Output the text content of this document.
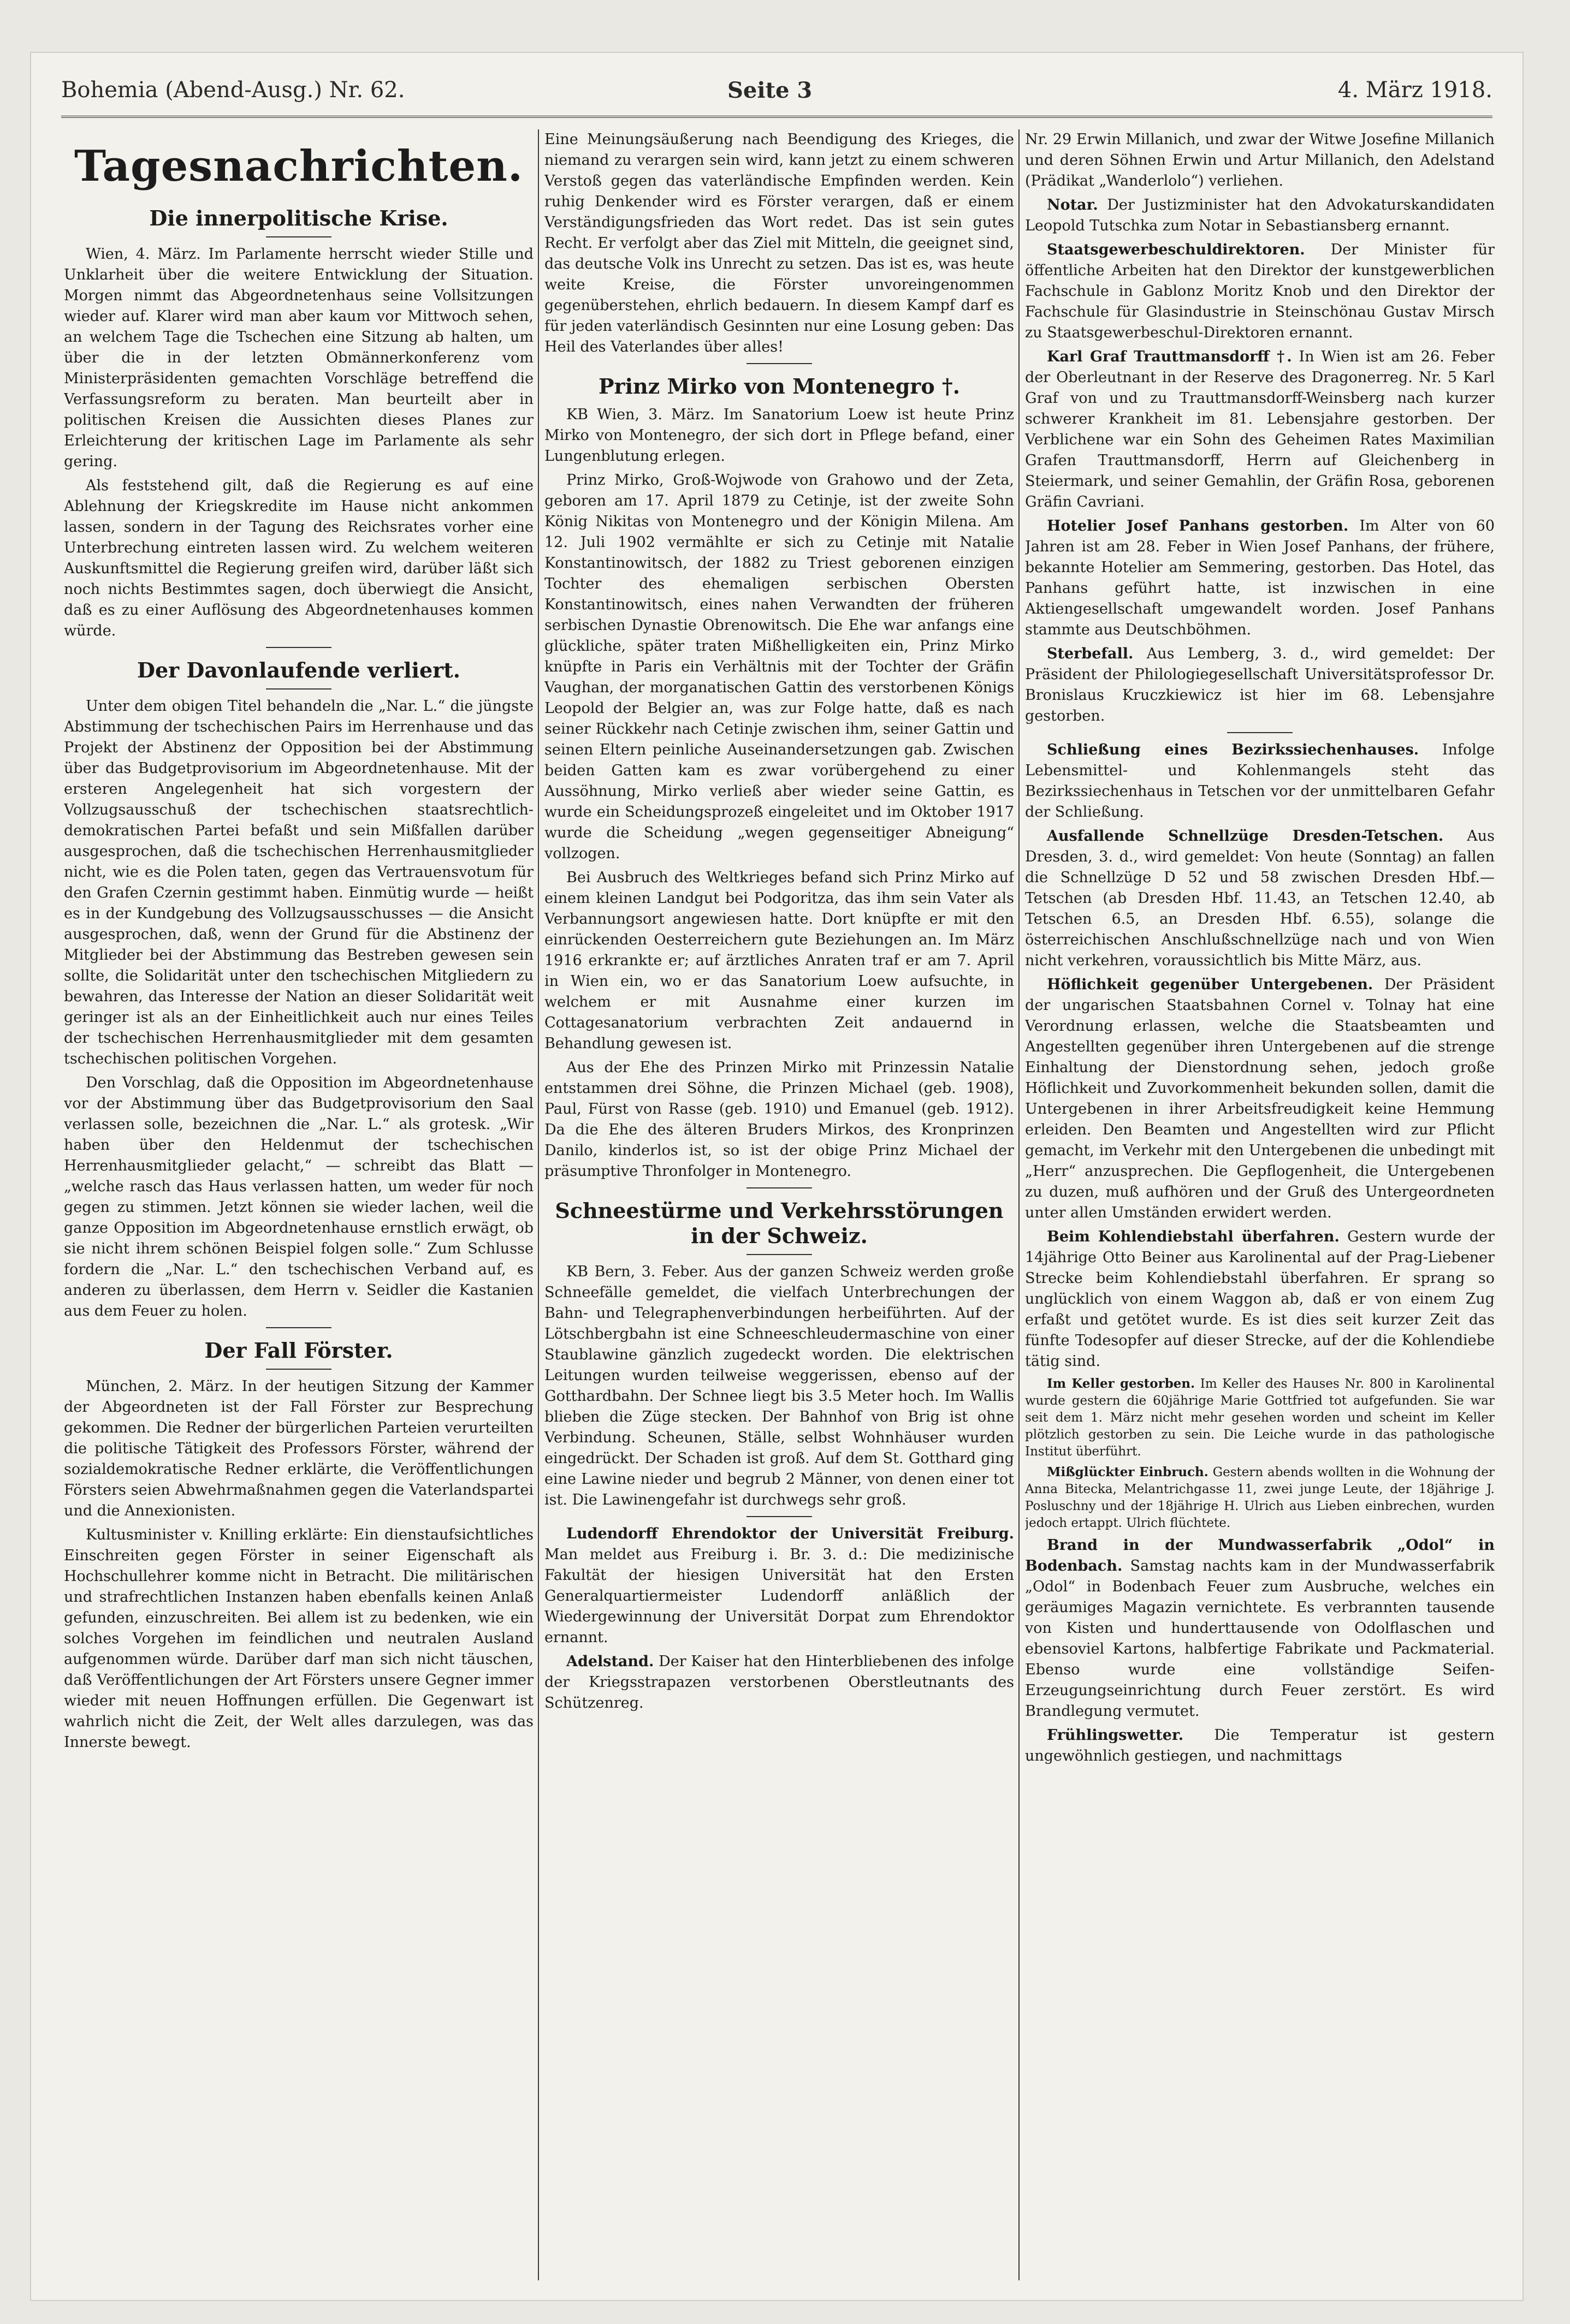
Bohemia (Abend-Ausg.) Nr. 62.	Seite 3	4. März 1918.
Tagesnachrichten.
Die innerpolitische Krise.

Wien, 4. März. Im Parlamente herrscht wieder Stille und Unklarheit über die weitere Entwicklung der Situation. Morgen nimmt das Abgeordnetenhaus seine Vollsitzungen wieder auf. Klarer wird man aber kaum vor Mittwoch sehen, an welchem Tage die Tschechen eine Sitzung ab halten, um über die in der letzten Obmännerkonferenz vom Ministerpräsidenten gemachten Vorschläge betreffend die Verfassungsreform zu beraten. Man beurteilt aber in politischen Kreisen die Aussichten dieses Planes zur Erleichterung der kritischen Lage im Parlamente als sehr gering.

Als feststehend gilt, daß die Regierung es auf eine Ablehnung der Kriegskredite im Hause nicht ankommen lassen, sondern in der Tagung des Reichsrates vorher eine Unterbrechung eintreten lassen wird. Zu welchem weiteren Auskunftsmittel die Regierung greifen wird, darüber läßt sich noch nichts Bestimmtes sagen, doch überwiegt die Ansicht, daß es zu einer Auflösung des Abgeordnetenhauses kommen würde.

Der Davonlaufende verliert.

Unter dem obigen Titel behandeln die „Nar. L.“ die jüngste Abstimmung der tschechischen Pairs im Herrenhause und das Projekt der Abstinenz der Opposition bei der Abstimmung über das Budgetprovisorium im Abgeordnetenhause. Mit der ersteren Angelegenheit hat sich vorgestern der Vollzugsausschuß der tschechischen staatsrechtlich-demokratischen Partei befaßt und sein Mißfallen darüber ausgesprochen, daß die tschechischen Herrenhausmitglieder nicht, wie es die Polen taten, gegen das Vertrauensvotum für den Grafen Czernin gestimmt haben. Einmütig wurde — heißt es in der Kundgebung des Vollzugsausschusses — die Ansicht ausgesprochen, daß, wenn der Grund für die Abstinenz der Mitglieder bei der Abstimmung das Bestreben gewesen sein sollte, die Solidarität unter den tschechischen Mitgliedern zu bewahren, das Interesse der Nation an dieser Solidarität weit geringer ist als an der Einheitlichkeit auch nur eines Teiles der tschechischen Herrenhausmitglieder mit dem gesamten tschechischen politischen Vorgehen.

Den Vorschlag, daß die Opposition im Abgeordnetenhause vor der Abstimmung über das Budgetprovisorium den Saal verlassen solle, bezeichnen die „Nar. L.“ als grotesk. „Wir haben über den Heldenmut der tschechischen Herrenhausmitglieder gelacht,“ — schreibt das Blatt — „welche rasch das Haus verlassen hatten, um weder für noch gegen zu stimmen. Jetzt können sie wieder lachen, weil die ganze Opposition im Abgeordnetenhause ernstlich erwägt, ob sie nicht ihrem schönen Beispiel folgen solle.“ Zum Schlusse fordern die „Nar. L.“ den tschechischen Verband auf, es anderen zu überlassen, dem Herrn v. Seidler die Kastanien aus dem Feuer zu holen.

Der Fall Förster.

München, 2. März. In der heutigen Sitzung der Kammer der Abgeordneten ist der Fall Förster zur Besprechung gekommen. Die Redner der bürgerlichen Parteien verurteilten die politische Tätigkeit des Professors Förster, während der sozialdemokratische Redner erklärte, die Veröffentlichungen Försters seien Abwehrmaßnahmen gegen die Vaterlandspartei und die Annexionisten.

Kultusminister v. Knilling erklärte: Ein dienstaufsichtliches Einschreiten gegen Förster in seiner Eigenschaft als Hochschullehrer komme nicht in Betracht. Die militärischen und strafrechtlichen Instanzen haben ebenfalls keinen Anlaß gefunden, einzuschreiten. Bei allem ist zu bedenken, wie ein solches Vorgehen im feindlichen und neutralen Ausland aufgenommen würde. Darüber darf man sich nicht täuschen, daß Veröffentlichungen der Art Försters unsere Gegner immer wieder mit neuen Hoffnungen erfüllen. Die Gegenwart ist wahrlich nicht die Zeit, der Welt alles darzulegen, was das Innerste bewegt.

Eine Meinungsäußerung nach Beendigung des Krieges, die niemand zu verargen sein wird, kann jetzt zu einem schweren Verstoß gegen das vaterländische Empfinden werden. Kein ruhig Denkender wird es Förster verargen, daß er einem Verständigungsfrieden das Wort redet. Das ist sein gutes Recht. Er verfolgt aber das Ziel mit Mitteln, die geeignet sind, das deutsche Volk ins Unrecht zu setzen. Das ist es, was heute weite Kreise, die Förster unvoreingenommen gegenüberstehen, ehrlich bedauern. In diesem Kampf darf es für jeden vaterländisch Gesinnten nur eine Losung geben: Das Heil des Vaterlandes über alles!

Prinz Mirko von Montenegro †.

KB Wien, 3. März. Im Sanatorium Loew ist heute Prinz Mirko von Montenegro, der sich dort in Pflege befand, einer Lungenblutung erlegen.

Prinz Mirko, Groß-Wojwode von Grahowo und der Zeta, geboren am 17. April 1879 zu Cetinje, ist der zweite Sohn König Nikitas von Montenegro und der Königin Milena. Am 12. Juli 1902 vermählte er sich zu Cetinje mit Natalie Konstantinowitsch, der 1882 zu Triest geborenen einzigen Tochter des ehemaligen serbischen Obersten Konstantinowitsch, eines nahen Verwandten der früheren serbischen Dynastie Obrenowitsch. Die Ehe war anfangs eine glückliche, später traten Mißhelligkeiten ein, Prinz Mirko knüpfte in Paris ein Verhältnis mit der Tochter der Gräfin Vaughan, der morganatischen Gattin des verstorbenen Königs Leopold der Belgier an, was zur Folge hatte, daß es nach seiner Rückkehr nach Cetinje zwischen ihm, seiner Gattin und seinen Eltern peinliche Auseinandersetzungen gab. Zwischen beiden Gatten kam es zwar vorübergehend zu einer Aussöhnung, Mirko verließ aber wieder seine Gattin, es wurde ein Scheidungsprozeß eingeleitet und im Oktober 1917 wurde die Scheidung „wegen gegenseitiger Abneigung“ vollzogen.

Bei Ausbruch des Weltkrieges befand sich Prinz Mirko auf einem kleinen Landgut bei Podgoritza, das ihm sein Vater als Verbannungsort angewiesen hatte. Dort knüpfte er mit den einrückenden Oesterreichern gute Beziehungen an. Im März 1916 erkrankte er; auf ärztliches Anraten traf er am 7. April in Wien ein, wo er das Sanatorium Loew aufsuchte, in welchem er mit Ausnahme einer kurzen im Cottagesanatorium verbrachten Zeit andauernd in Behandlung gewesen ist.

Aus der Ehe des Prinzen Mirko mit Prinzessin Natalie entstammen drei Söhne, die Prinzen Michael (geb. 1908), Paul, Fürst von Rasse (geb. 1910) und Emanuel (geb. 1912). Da die Ehe des älteren Bruders Mirkos, des Kronprinzen Danilo, kinderlos ist, so ist der obige Prinz Michael der präsumptive Thronfolger in Montenegro.

Schneestürme und Verkehrsstörungen in der Schweiz.

KB Bern, 3. Feber. Aus der ganzen Schweiz werden große Schneefälle gemeldet, die vielfach Unterbrechungen der Bahn- und Telegraphenverbindungen herbeiführten. Auf der Lötschbergbahn ist eine Schneeschleudermaschine von einer Staublawine gänzlich zugedeckt worden. Die elektrischen Leitungen wurden teilweise weggerissen, ebenso auf der Gotthardbahn. Der Schnee liegt bis 3.5 Meter hoch. Im Wallis blieben die Züge stecken. Der Bahnhof von Brig ist ohne Verbindung. Scheunen, Ställe, selbst Wohnhäuser wurden eingedrückt. Der Schaden ist groß. Auf dem St. Gotthard ging eine Lawine nieder und begrub 2 Männer, von denen einer tot ist. Die Lawinengefahr ist durchwegs sehr groß.

Ludendorff Ehrendoktor der Universität Freiburg. Man meldet aus Freiburg i. Br. 3. d.: Die medizinische Fakultät der hiesigen Universität hat den Ersten Generalquartiermeister Ludendorff anläßlich der Wiedergewinnung der Universität Dorpat zum Ehrendoktor ernannt.

Adelstand. Der Kaiser hat den Hinterbliebenen des infolge der Kriegsstrapazen verstorbenen Oberstleutnants des Schützenreg.

Nr. 29 Erwin Millanich, und zwar der Witwe Josefine Millanich und deren Söhnen Erwin und Artur Millanich, den Adelstand (Prädikat „Wanderlolo“) verliehen.

Notar. Der Justizminister hat den Advokaturskandidaten Leopold Tutschka zum Notar in Sebastiansberg ernannt.

Staatsgewerbeschuldirektoren. Der Minister für öffentliche Arbeiten hat den Direktor der kunstgewerblichen Fachschule in Gablonz Moritz Knob und den Direktor der Fachschule für Glasindustrie in Steinschönau Gustav Mirsch zu Staatsgewerbeschul-Direktoren ernannt.

Karl Graf Trauttmansdorff †. In Wien ist am 26. Feber der Oberleutnant in der Reserve des Dragonerreg. Nr. 5 Karl Graf von und zu Trauttmansdorff-Weinsberg nach kurzer schwerer Krankheit im 81. Lebensjahre gestorben. Der Verblichene war ein Sohn des Geheimen Rates Maximilian Grafen Trauttmansdorff, Herrn auf Gleichenberg in Steiermark, und seiner Gemahlin, der Gräfin Rosa, geborenen Gräfin Cavriani.

Hotelier Josef Panhans gestorben. Im Alter von 60 Jahren ist am 28. Feber in Wien Josef Panhans, der frühere, bekannte Hotelier am Semmering, gestorben. Das Hotel, das Panhans geführt hatte, ist inzwischen in eine Aktiengesellschaft umgewandelt worden. Josef Panhans stammte aus Deutschböhmen.

Sterbefall. Aus Lemberg, 3. d., wird gemeldet: Der Präsident der Philologiegesellschaft Universitätsprofessor Dr. Bronislaus Kruczkiewicz ist hier im 68. Lebensjahre gestorben.

Schließung eines Bezirkssiechenhauses. Infolge Lebensmittel- und Kohlenmangels steht das Bezirkssiechenhaus in Tetschen vor der unmittelbaren Gefahr der Schließung.

Ausfallende Schnellzüge Dresden-Tetschen. Aus Dresden, 3. d., wird gemeldet: Von heute (Sonntag) an fallen die Schnellzüge D 52 und 58 zwischen Dresden Hbf.—Tetschen (ab Dresden Hbf. 11.43, an Tetschen 12.40, ab Tetschen 6.5, an Dresden Hbf. 6.55), solange die österreichischen Anschlußschnellzüge nach und von Wien nicht verkehren, voraussichtlich bis Mitte März, aus.

Höflichkeit gegenüber Untergebenen. Der Präsident der ungarischen Staatsbahnen Cornel v. Tolnay hat eine Verordnung erlassen, welche die Staatsbeamten und Angestellten gegenüber ihren Untergebenen auf die strenge Einhaltung der Dienstordnung sehen, jedoch große Höflichkeit und Zuvorkommenheit bekunden sollen, damit die Untergebenen in ihrer Arbeitsfreudigkeit keine Hemmung erleiden. Den Beamten und Angestellten wird zur Pflicht gemacht, im Verkehr mit den Untergebenen die unbedingt mit „Herr“ anzusprechen. Die Gepflogenheit, die Untergebenen zu duzen, muß aufhören und der Gruß des Untergeordneten unter allen Umständen erwidert werden.

Beim Kohlendiebstahl überfahren. Gestern wurde der 14jährige Otto Beiner aus Karolinental auf der Prag-Liebener Strecke beim Kohlendiebstahl überfahren. Er sprang so unglücklich von einem Waggon ab, daß er von einem Zug erfaßt und getötet wurde. Es ist dies seit kurzer Zeit das fünfte Todesopfer auf dieser Strecke, auf der die Kohlendiebe tätig sind.

Im Keller gestorben. Im Keller des Hauses Nr. 800 in Karolinental wurde gestern die 60jährige Marie Gottfried tot aufgefunden. Sie war seit dem 1. März nicht mehr gesehen worden und scheint im Keller plötzlich gestorben zu sein. Die Leiche wurde in das pathologische Institut überführt.

Mißglückter Einbruch. Gestern abends wollten in die Wohnung der Anna Bitecka, Melantrichgasse 11, zwei junge Leute, der 18jährige J. Posluschny und der 18jährige H. Ulrich aus Lieben einbrechen, wurden jedoch ertappt. Ulrich flüchtete.

Brand in der Mundwasserfabrik „Odol“ in Bodenbach. Samstag nachts kam in der Mundwasserfabrik „Odol“ in Bodenbach Feuer zum Ausbruche, welches ein geräumiges Magazin vernichtete. Es verbrannten tausende von Kisten und hunderttausende von Odolflaschen und ebensoviel Kartons, halbfertige Fabrikate und Packmaterial. Ebenso wurde eine vollständige Seifen-Erzeugungseinrichtung durch Feuer zerstört. Es wird Brandlegung vermutet.

Frühlingswetter. Die Temperatur ist gestern ungewöhnlich gestiegen, und nachmittags
